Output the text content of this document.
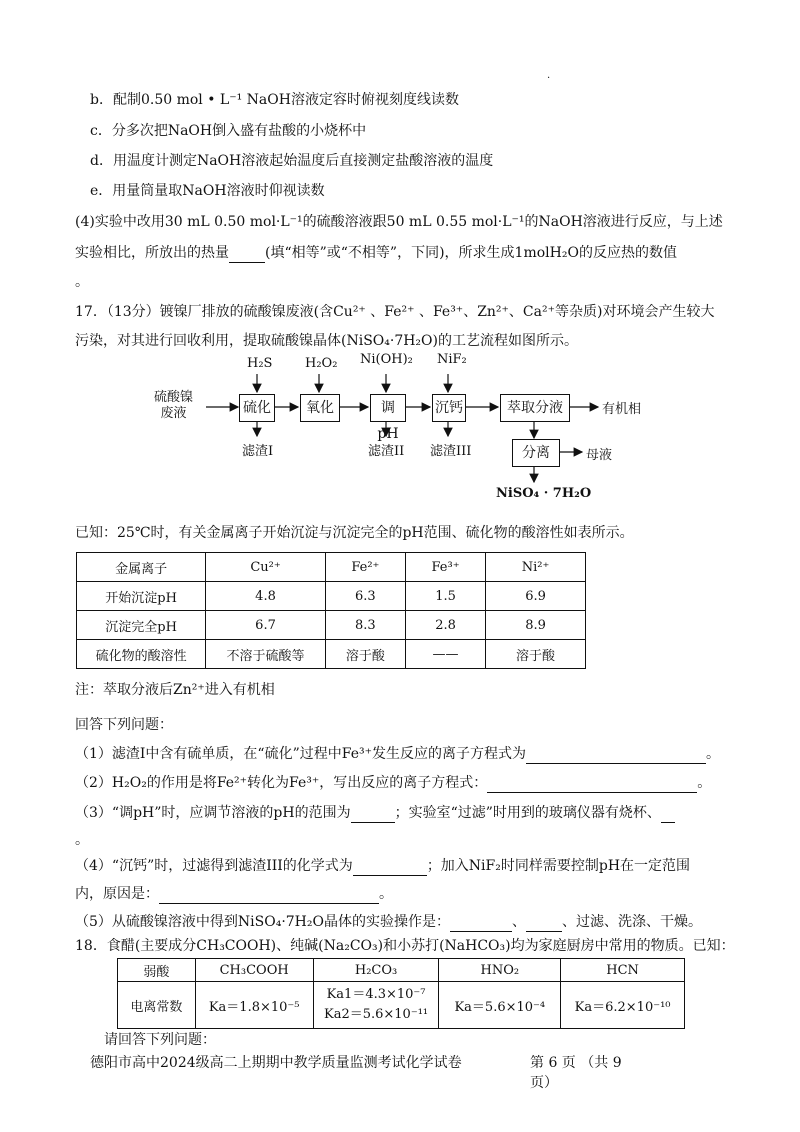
.
b．配制0.50 mol • L⁻¹ NaOH溶液定容时俯视刻度线读数
c．分多次把NaOH倒入盛有盐酸的小烧杯中
d．用温度计测定NaOH溶液起始温度后直接测定盐酸溶液的温度
e．用量筒量取NaOH溶液时仰视读数
(4)实验中改用30 mL 0.50 mol·L⁻¹的硫酸溶液跟50 mL 0.55 mol·L⁻¹的NaOH溶液进行反应，与上述
实验相比，所放出的热量	(填“相等”或“不相等”，下同)，所求生成1molH₂O的反应热的数值
。
17．（13分）镀镍厂排放的硫酸镍废液(含Cu²⁺ 、Fe²⁺ 、Fe³⁺、Zn²⁺、Ca²⁺等杂质)对环境会产生较大
污染，对其进行回收利用，提取硫酸镍晶体(NiSO₄·7H₂O)的工艺流程如图所示。
硫酸镍
废液	硫化	氧化	调pH
沉钙	萃取分液
分离
H₂S	H₂O₂ Ni(OH)₂ NiF₂
滤渣I	滤渣II 滤渣III
有机相
母液
NiSO₄ · 7H₂O
已知：25℃时，有关金属离子开始沉淀与沉淀完全的pH范围、硫化物的酸溶性如表所示。
金属离子	Cu²⁺	Fe²⁺	Fe³⁺	Ni²⁺
开始沉淀pH	4.8	6.3	1.5	6.9
沉淀完全pH	6.7	8.3	2.8	8.9
硫化物的酸溶性	不溶于硫酸等	溶于酸	——	溶于酸
注：萃取分液后Zn²⁺进入有机相
回答下列问题：
（1）滤渣I中含有硫单质，在“硫化”过程中Fe³⁺发生反应的离子方程式为	。
（2）H₂O₂的作用是将Fe²⁺转化为Fe³⁺，写出反应的离子方程式：	。
（3）“调pH”时，应调节溶液的pH的范围为	；实验室“过滤”时用到的玻璃仪器有烧杯、
。
（4）“沉钙”时，过滤得到滤渣III的化学式为	；加入NiF₂时同样需要控制pH在一定范围
内，原因是：	。
（5）从硫酸镍溶液中得到NiSO₄·7H₂O晶体的实验操作是：	、	、过滤、洗涤、干燥。
18．食醋(主要成分CH₃COOH)、纯碱(Na₂CO₃)和小苏打(NaHCO₃)均为家庭厨房中常用的物质。已知：
弱酸	CH₃COOH	H₂CO₃	HNO₂	HCN
电离常数	Ka＝1.8×10⁻⁵	Ka1＝4.3×10⁻⁷
Ka2＝5.6×10⁻¹¹	Ka＝5.6×10⁻⁴	Ka＝6.2×10⁻¹⁰
请回答下列问题：
德阳市高中2024级高二上期期中教学质量监测考试化学试卷	第 6 页 （共 9
页）
